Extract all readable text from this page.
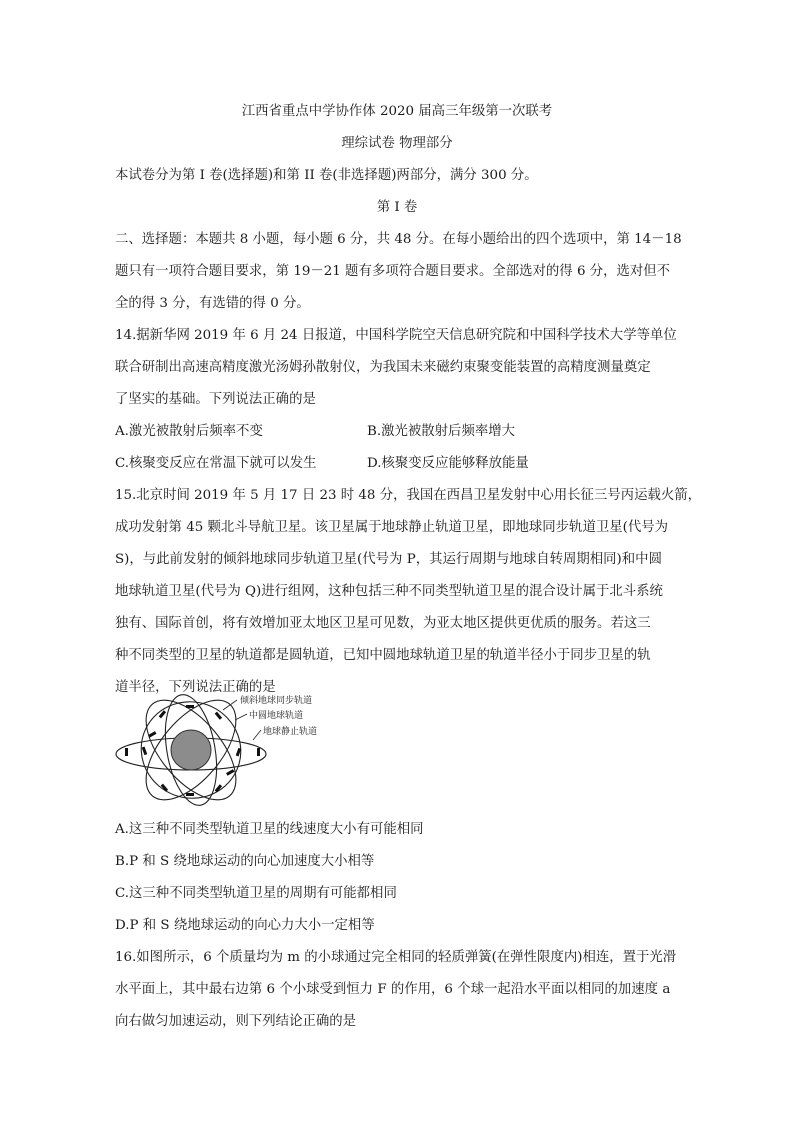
江西省重点中学协作体 2020 届高三年级第一次联考
理综试卷 物理部分
本试卷分为第 I 卷(选择题)和第 II 卷(非选择题)两部分，满分 300 分。
第 I 卷
二、选择题：本题共 8 小题，每小题 6 分，共 48 分。在每小题给出的四个选项中，第 14－18
题只有一项符合题目要求，第 19－21 题有多项符合题目要求。全部选对的得 6 分，选对但不
全的得 3 分，有选错的得 0 分。
14.据新华网 2019 年 6 月 24 日报道，中国科学院空天信息研究院和中国科学技术大学等单位
联合研制出高速高精度激光汤姆孙散射仪，为我国未来磁约束聚变能装置的高精度测量奠定
了坚实的基础。下列说法正确的是
A.激光被散射后频率不变	B.激光被散射后频率增大
C.核聚变反应在常温下就可以发生	D.核聚变反应能够释放能量
15.北京时间 2019 年 5 月 17 日 23 时 48 分，我国在西昌卫星发射中心用长征三号丙运载火箭，
成功发射第 45 颗北斗导航卫星。该卫星属于地球静止轨道卫星，即地球同步轨道卫星(代号为
S)，与此前发射的倾斜地球同步轨道卫星(代号为 P，其运行周期与地球自转周期相同)和中圆
地球轨道卫星(代号为 Q)进行组网，这种包括三种不同类型轨道卫星的混合设计属于北斗系统
独有、国际首创，将有效增加亚太地区卫星可见数，为亚太地区提供更优质的服务。若这三
种不同类型的卫星的轨道都是圆轨道，已知中圆地球轨道卫星的轨道半径小于同步卫星的轨
道半径，下列说法正确的是
倾斜地球同步轨道
中圆地球轨道
地球静止轨道
A.这三种不同类型轨道卫星的线速度大小有可能相同
B.P 和 S 绕地球运动的向心加速度大小相等
C.这三种不同类型轨道卫星的周期有可能都相同
D.P 和 S 绕地球运动的向心力大小一定相等
16.如图所示，6 个质量均为 m 的小球通过完全相同的轻质弹簧(在弹性限度内)相连，置于光滑
水平面上，其中最右边第 6 个小球受到恒力 F 的作用，6 个球一起沿水平面以相同的加速度 a
向右做匀加速运动，则下列结论正确的是
